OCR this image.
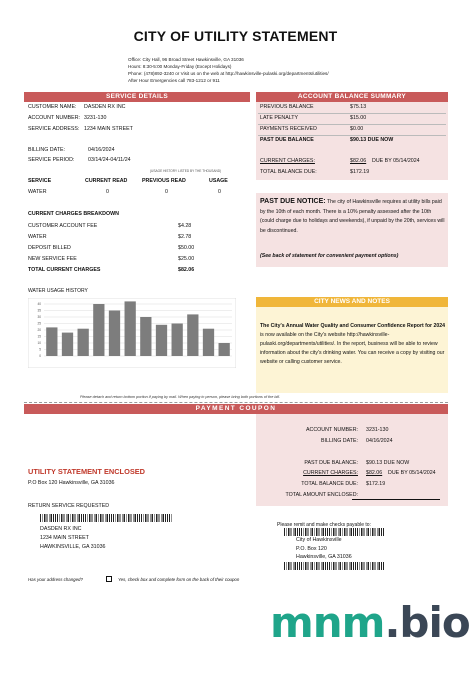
CITY OF UTILITY STATEMENT
Office: City Hall, 96 Broad Street Hawkinsville, GA 31036
Hours: 8:30-5:00 Monday-Friday (Except Holidays)
Phone: (478)892-3240 or Visit us on the web at http://hawkinsville-pulaski.org/departments/utilities/
After Hour Emergencies call 783-1212 or 911
SERVICE DETAILS
CUSTOMER NAME: DASDEN RX INC
ACCOUNT NUMBER: 3231-130
SERVICE ADDRESS: 1234 MAIN STREET
BILLING DATE:	04/16/2024
SERVICE PERIOD:	03/14/24-04/11/24
(USAGE HISTORY LISTED BY THE THOUSAND)
SERVICE	CURRENT READ	PREVIOUS READ	USAGE
WATER	0	0	0
CURRENT CHARGES BREAKDOWN
CUSTOMER ACCOUNT FEE	$4.28
WATER	$2.78
DEPOSIT BILLED	$50.00
NEW SERVICE FEE	$25.00
TOTAL CURRENT CHARGES	$82.06
WATER USAGE HISTORY
0
5
10
15
20
25
30
35
40
ACCOUNT BALANCE SUMMARY
PREVIOUS BALANCE	$75.13
LATE PENALTY	$15.00
PAYMENTS RECEIVED	$0.00
PAST DUE BALANCE	$90.13 DUE NOW
CURRENT CHARGES:	$82.06 DUE BY 05/14/2024
TOTAL BALANCE DUE:	$172.19
PAST DUE NOTICE: The city of Hawkinsville requires at utility bills paid by the 10th of each month. There is a 10% penalty assessed after the 10th (could charge due to holidays and weekends), if unpaid by the 20th, services will be discontinued.
(See back of statement for convenient payment options)
CITY NEWS AND NOTES
The City's Annual Water Quality and Consumer Confidence Report for 2024 is now available on the City's website http://hawkinsville-pulaski.org/departments/utilities/. In the report, business will be able to review information about the city's drinking water. You can receive a copy by visiting our website or calling customer service.
Please detach and return bottom portion if paying by mail. When paying in person, please bring both portions of the bill.
PAYMENT COUPON
ACCOUNT NUMBER: 3231-130
BILLING DATE: 04/16/2024
PAST DUE BALANCE: $90.13 DUE NOW
CURRENT CHARGES: $82.06 DUE BY 05/14/2024
TOTAL BALANCE DUE: $172.19
TOTAL AMOUNT ENCLOSED:
UTILITY STATEMENT ENCLOSED
P.O Box 120 Hawkinsville, GA 31036
RETURN SERVICE REQUESTED
DASDEN RX INC
1234 MAIN STREET
HAWKINSVILLE, GA 31036
Please remit and make checks payable to:
City of Hawkinsville
P.O. Box 120
Hawkinsville, GA 31036
Has your address changed?	Yes, check box and complete form on the back of their coupon
mnm.bio
